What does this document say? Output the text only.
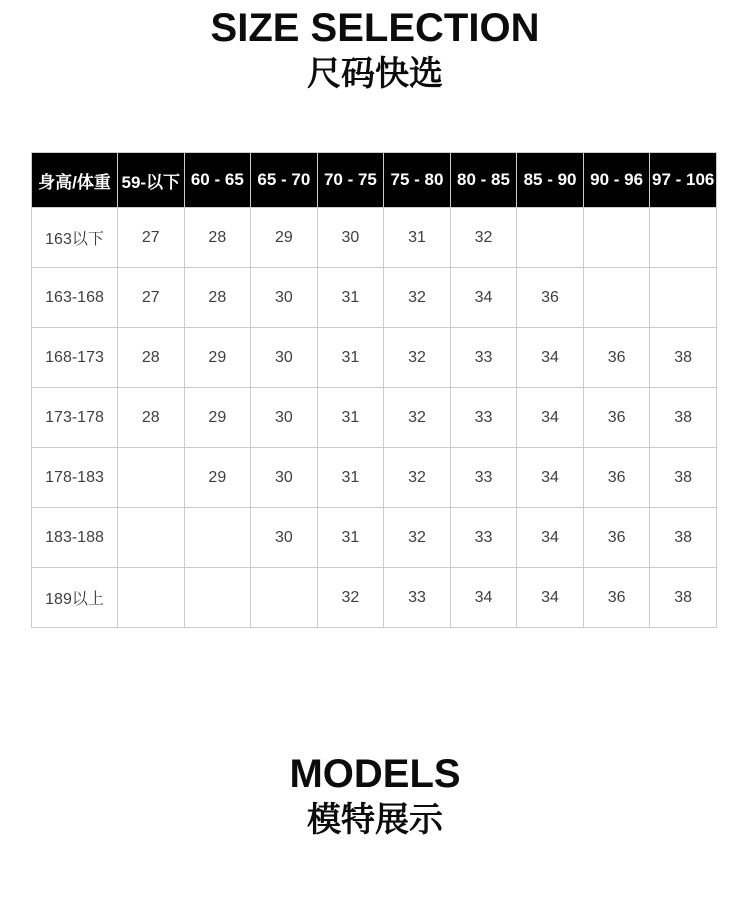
SIZE SELECTION
尺码快选
身高/体重	59-以下	60 - 65	65 - 70	70 - 75	75 - 80	80 - 85	85 - 90	90 - 96	97 - 106
163以下	27	28	29	30	31	32			
163-168	27	28	30	31	32	34	36		
168-173	28	29	30	31	32	33	34	36	38
173-178	28	29	30	31	32	33	34	36	38
178-183		29	30	31	32	33	34	36	38
183-188			30	31	32	33	34	36	38
189以上				32	33	34	34	36	38
MODELS
模特展示
